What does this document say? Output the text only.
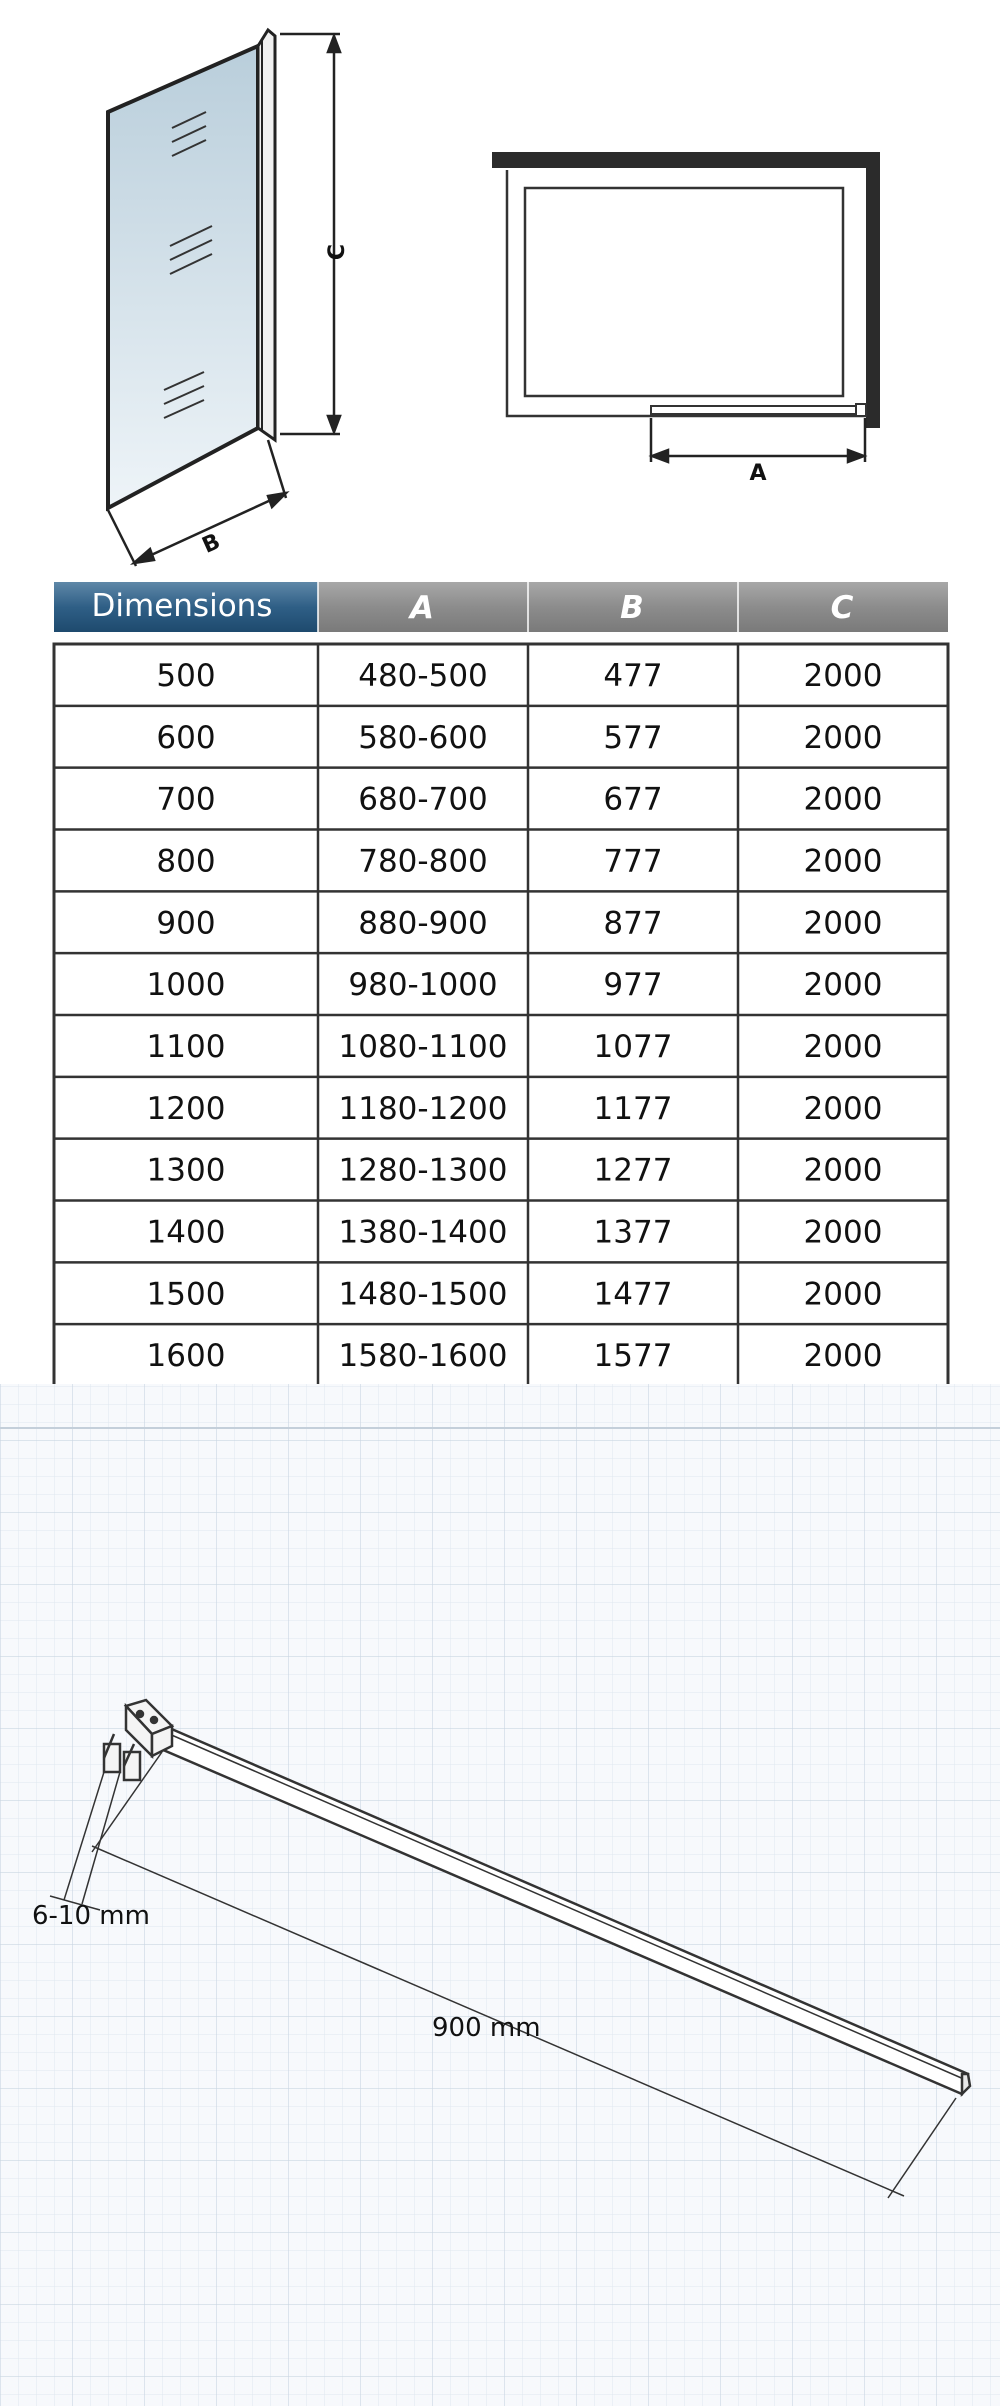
C
B
A
Dimensions	A	B	C
500	480-500	477	2000
600	580-600	577	2000
700	680-700	677	2000
800	780-800	777	2000
900	880-900	877	2000
1000	980-1000	977	2000
1100	1080-1100	1077	2000
1200	1180-1200	1177	2000
1300	1280-1300	1277	2000
1400	1380-1400	1377	2000
1500	1480-1500	1477	2000
1600	1580-1600	1577	2000
6-10 mm
900 mm
